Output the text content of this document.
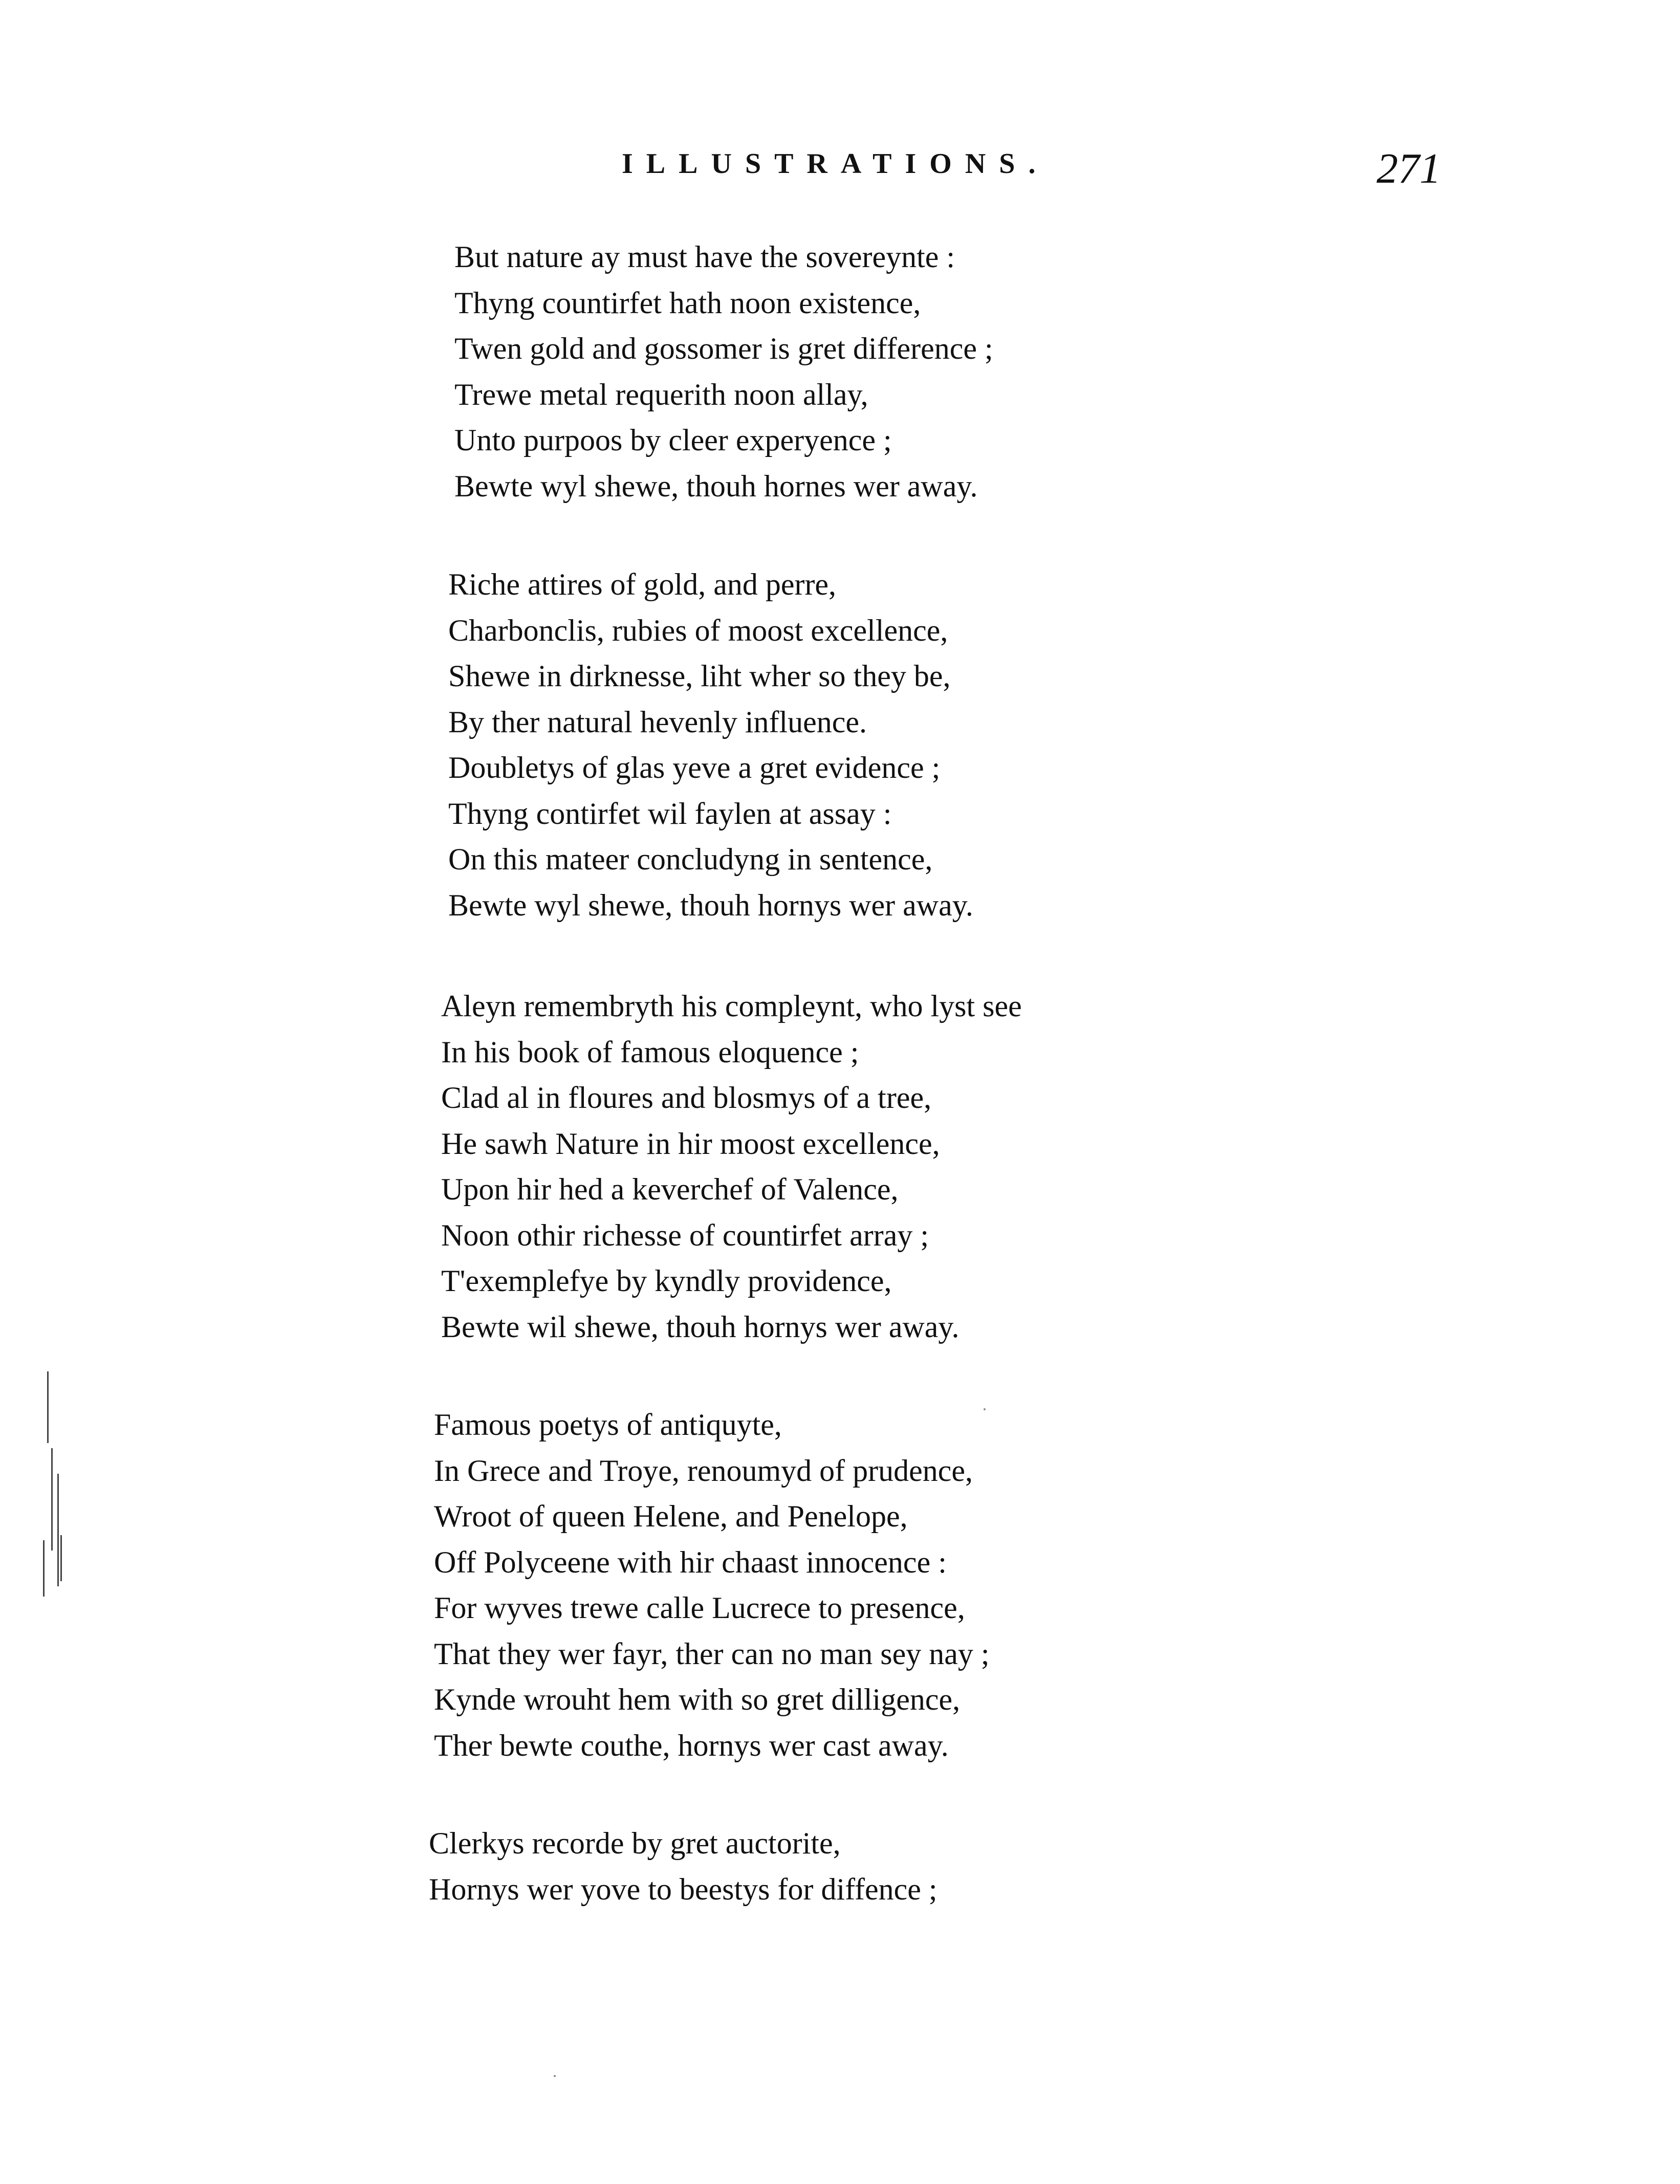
ILLUSTRATIONS.	271
But nature ay must have the sovereynte :
Thyng countirfet hath noon existence,
Twen gold and gossomer is gret difference ;
Trewe metal requerith noon allay,
Unto purpoos by cleer experyence ;
Bewte wyl shewe, thouh hornes wer away.
Riche attires of gold, and perre,
Charbonclis, rubies of moost excellence,
Shewe in dirknesse, liht wher so they be,
By ther natural hevenly influence.
Doubletys of glas yeve a gret evidence ;
Thyng contirfet wil faylen at assay :
On this mateer concludyng in sentence,
Bewte wyl shewe, thouh hornys wer away.
Aleyn remembryth his compleynt, who lyst see
In his book of famous eloquence ;
Clad al in floures and blosmys of a tree,
He sawh Nature in hir moost excellence,
Upon hir hed a keverchef of Valence,
Noon othir richesse of countirfet array ;
T'exemplefye by kyndly providence,
Bewte wil shewe, thouh hornys wer away.
Famous poetys of antiquyte,
In Grece and Troye, renoumyd of prudence,
Wroot of queen Helene, and Penelope,
Off Polyceene with hir chaast innocence :
For wyves trewe calle Lucrece to presence,
That they wer fayr, ther can no man sey nay ;
Kynde wrouht hem with so gret dilligence,
Ther bewte couthe, hornys wer cast away.
Clerkys recorde by gret auctorite,
Hornys wer yove to beestys for diffence ;
